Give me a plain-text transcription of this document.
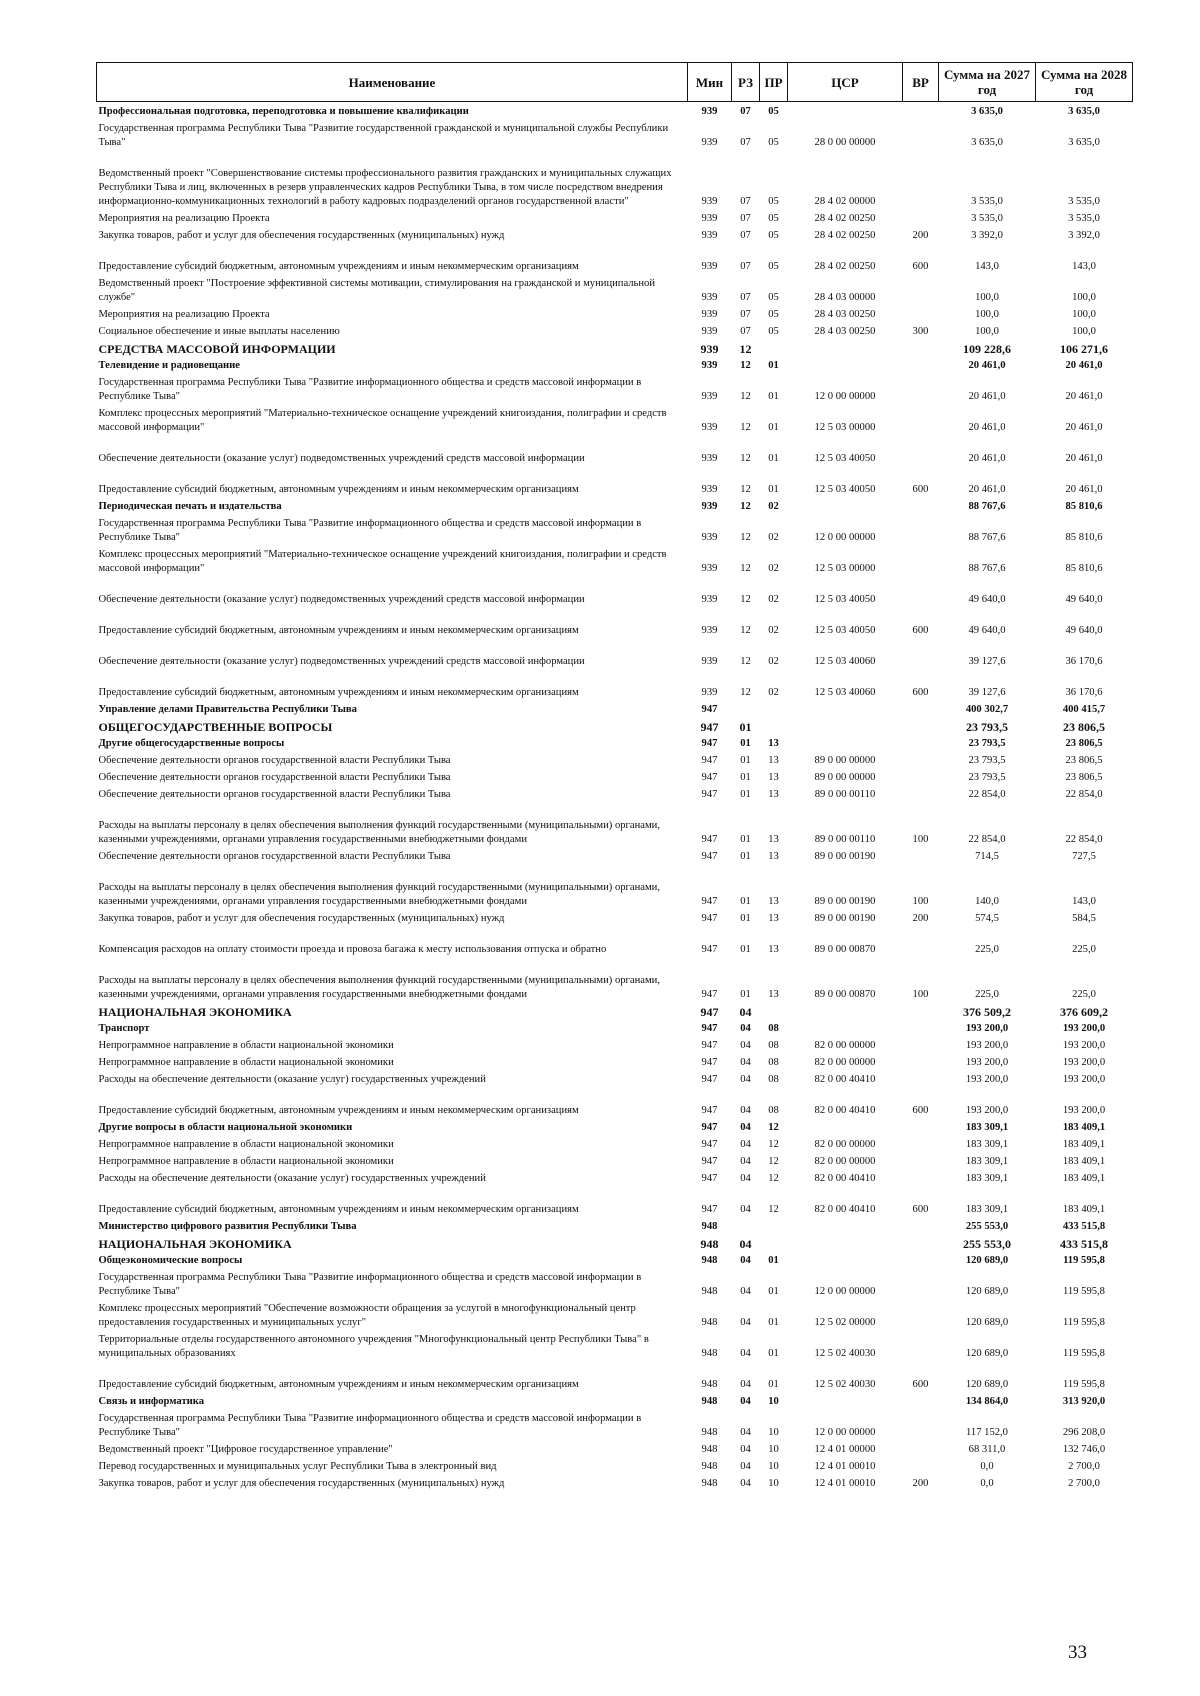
Наименование	Мин	РЗ	ПР	ЦСР	ВР	Сумма на 2027 год	Сумма на 2028 год
Профессиональная подготовка, переподготовка и повышение квалификации	939	07	05			3 635,0	3 635,0
Государственная программа Республики Тыва "Развитие государственной гражданской и муниципальной службы Республики Тыва"	939	07	05	28 0 00 00000		3 635,0	3 635,0
Ведомственный проект "Совершенствование системы профессионального развития гражданских и муниципальных служащих Республики Тыва и лиц, включенных в резерв управленческих кадров Республики Тыва, в том числе посредством внедрения информационно-коммуникационных технологий в работу кадровых подразделений органов государственной власти"	939	07	05	28 4 02 00000		3 535,0	3 535,0
Мероприятия на реализацию Проекта	939	07	05	28 4 02 00250		3 535,0	3 535,0
Закупка товаров, работ и услуг для обеспечения государственных (муниципальных) нужд	939	07	05	28 4 02 00250	200	3 392,0	3 392,0
Предоставление субсидий бюджетным, автономным учреждениям и иным некоммерческим организациям	939	07	05	28 4 02 00250	600	143,0	143,0
Ведомственный проект "Построение эффективной системы мотивации, стимулирования на гражданской и муниципальной службе"	939	07	05	28 4 03 00000		100,0	100,0
Мероприятия на реализацию Проекта	939	07	05	28 4 03 00250		100,0	100,0
Социальное обеспечение и иные выплаты населению	939	07	05	28 4 03 00250	300	100,0	100,0
СРЕДСТВА МАССОВОЙ ИНФОРМАЦИИ	939	12				109 228,6	106 271,6
Телевидение и радиовещание	939	12	01			20 461,0	20 461,0
Государственная программа Республики Тыва "Развитие информационного общества и средств массовой информации в Республике Тыва"	939	12	01	12 0 00 00000		20 461,0	20 461,0
Комплекс процессных мероприятий "Материально-техническое оснащение учреждений книгоиздания, полиграфии и средств массовой информации"	939	12	01	12 5 03 00000		20 461,0	20 461,0
Обеспечение деятельности (оказание услуг) подведомственных учреждений средств массовой информации	939	12	01	12 5 03 40050		20 461,0	20 461,0
Предоставление субсидий бюджетным, автономным учреждениям и иным некоммерческим организациям	939	12	01	12 5 03 40050	600	20 461,0	20 461,0
Периодическая печать и издательства	939	12	02			88 767,6	85 810,6
Государственная программа Республики Тыва "Развитие информационного общества и средств массовой информации в Республике Тыва"	939	12	02	12 0 00 00000		88 767,6	85 810,6
Комплекс процессных мероприятий "Материально-техническое оснащение учреждений книгоиздания, полиграфии и средств массовой информации"	939	12	02	12 5 03 00000		88 767,6	85 810,6
Обеспечение деятельности (оказание услуг) подведомственных учреждений средств массовой информации	939	12	02	12 5 03 40050		49 640,0	49 640,0
Предоставление субсидий бюджетным, автономным учреждениям и иным некоммерческим организациям	939	12	02	12 5 03 40050	600	49 640,0	49 640,0
Обеспечение деятельности (оказание услуг) подведомственных учреждений средств массовой информации	939	12	02	12 5 03 40060		39 127,6	36 170,6
Предоставление субсидий бюджетным, автономным учреждениям и иным некоммерческим организациям	939	12	02	12 5 03 40060	600	39 127,6	36 170,6
Управление делами Правительства Республики Тыва	947					400 302,7	400 415,7
ОБЩЕГОСУДАРСТВЕННЫЕ ВОПРОСЫ	947	01				23 793,5	23 806,5
Другие общегосударственные вопросы	947	01	13			23 793,5	23 806,5
Обеспечение деятельности органов государственной власти Республики Тыва	947	01	13	89 0 00 00000		23 793,5	23 806,5
Обеспечение деятельности органов государственной власти Республики Тыва	947	01	13	89 0 00 00000		23 793,5	23 806,5
Обеспечение деятельности органов государственной власти Республики Тыва	947	01	13	89 0 00 00110		22 854,0	22 854,0
Расходы на выплаты персоналу в целях обеспечения выполнения функций государственными (муниципальными) органами, казенными учреждениями, органами управления государственными внебюджетными фондами	947	01	13	89 0 00 00110	100	22 854,0	22 854,0
Обеспечение деятельности органов государственной власти Республики Тыва	947	01	13	89 0 00 00190		714,5	727,5
Расходы на выплаты персоналу в целях обеспечения выполнения функций государственными (муниципальными) органами, казенными учреждениями, органами управления государственными внебюджетными фондами	947	01	13	89 0 00 00190	100	140,0	143,0
Закупка товаров, работ и услуг для обеспечения государственных (муниципальных) нужд	947	01	13	89 0 00 00190	200	574,5	584,5
Компенсация расходов на оплату стоимости проезда и провоза багажа к месту использования отпуска и обратно	947	01	13	89 0 00 00870		225,0	225,0
Расходы на выплаты персоналу в целях обеспечения выполнения функций государственными (муниципальными) органами, казенными учреждениями, органами управления государственными внебюджетными фондами	947	01	13	89 0 00 00870	100	225,0	225,0
НАЦИОНАЛЬНАЯ ЭКОНОМИКА	947	04				376 509,2	376 609,2
Транспорт	947	04	08			193 200,0	193 200,0
Непрограммное направление в области национальной экономики	947	04	08	82 0 00 00000		193 200,0	193 200,0
Непрограммное направление в области национальной экономики	947	04	08	82 0 00 00000		193 200,0	193 200,0
Расходы на обеспечение деятельности (оказание услуг) государственных учреждений	947	04	08	82 0 00 40410		193 200,0	193 200,0
Предоставление субсидий бюджетным, автономным учреждениям и иным некоммерческим организациям	947	04	08	82 0 00 40410	600	193 200,0	193 200,0
Другие вопросы в области национальной экономики	947	04	12			183 309,1	183 409,1
Непрограммное направление в области национальной экономики	947	04	12	82 0 00 00000		183 309,1	183 409,1
Непрограммное направление в области национальной экономики	947	04	12	82 0 00 00000		183 309,1	183 409,1
Расходы на обеспечение деятельности (оказание услуг) государственных учреждений	947	04	12	82 0 00 40410		183 309,1	183 409,1
Предоставление субсидий бюджетным, автономным учреждениям и иным некоммерческим организациям	947	04	12	82 0 00 40410	600	183 309,1	183 409,1
Министерство цифрового развития Республики Тыва	948					255 553,0	433 515,8
НАЦИОНАЛЬНАЯ ЭКОНОМИКА	948	04				255 553,0	433 515,8
Общеэкономические вопросы	948	04	01			120 689,0	119 595,8
Государственная программа Республики Тыва "Развитие информационного общества и средств массовой информации в Республике Тыва"	948	04	01	12 0 00 00000		120 689,0	119 595,8
Комплекс процессных мероприятий "Обеспечение возможности обращения за услугой в многофункциональный центр предоставления государственных и муниципальных услуг"	948	04	01	12 5 02 00000		120 689,0	119 595,8
Территориальные отделы государственного автономного учреждения "Многофункциональный центр Республики Тыва" в муниципальных образованиях	948	04	01	12 5 02 40030		120 689,0	119 595,8
Предоставление субсидий бюджетным, автономным учреждениям и иным некоммерческим организациям	948	04	01	12 5 02 40030	600	120 689,0	119 595,8
Связь и информатика	948	04	10			134 864,0	313 920,0
Государственная программа Республики Тыва "Развитие информационного общества и средств массовой информации в Республике Тыва"	948	04	10	12 0 00 00000		117 152,0	296 208,0
Ведомственный проект "Цифровое государственное управление"	948	04	10	12 4 01 00000		68 311,0	132 746,0
Перевод государственных и муниципальных услуг Республики Тыва в электронный вид	948	04	10	12 4 01 00010		0,0	2 700,0
Закупка товаров, работ и услуг для обеспечения государственных (муниципальных) нужд	948	04	10	12 4 01 00010	200	0,0	2 700,0
33
